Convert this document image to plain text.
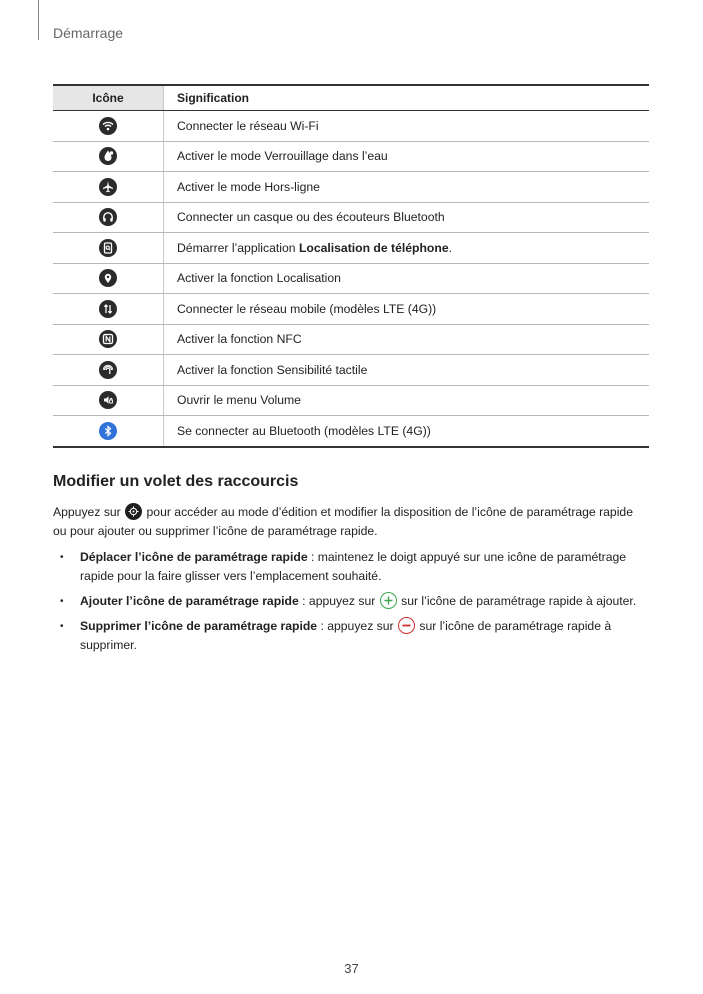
Démarrage
Icône	Signification

	Connecter le réseau Wi-Fi

	Activer le mode Verrouillage dans l’eau

	Activer le mode Hors-ligne

	Connecter un casque ou des écouteurs Bluetooth

	Démarrer l’application Localisation de téléphone.

	Activer la fonction Localisation

	Connecter le réseau mobile (modèles LTE (4G))

	Activer la fonction NFC

	Activer la fonction Sensibilité tactile

	Ouvrir le menu Volume

	Se connecter au Bluetooth (modèles LTE (4G))
Modifier un volet des raccourcis

Appuyez sur pour accéder au mode d’édition et modifier la disposition de l’icône de paramétrage rapide ou pour ajouter ou supprimer l’icône de paramétrage rapide.

• Déplacer l’icône de paramétrage rapide : maintenez le doigt appuyé sur une icône de paramétrage rapide pour la faire glisser vers l’emplacement souhaité.
• Ajouter l’icône de paramétrage rapide : appuyez sur sur l’icône de paramétrage rapide à ajouter.
• Supprimer l’icône de paramétrage rapide : appuyez sur sur l’icône de paramétrage rapide à supprimer.
37
